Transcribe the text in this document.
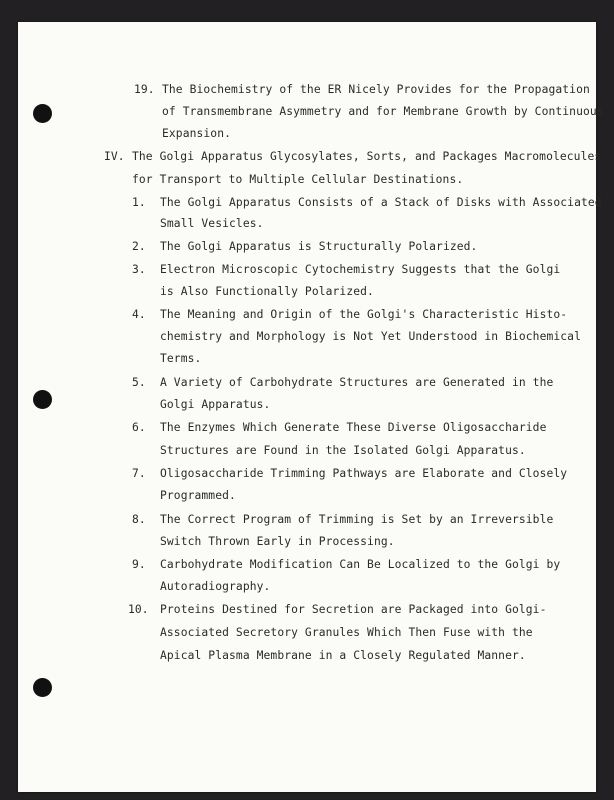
19. The Biochemistry of the ER Nicely Provides for the Propagation
of Transmembrane Asymmetry and for Membrane Growth by Continuous
Expansion.
IV. The Golgi Apparatus Glycosylates, Sorts, and Packages Macromolecules
for Transport to Multiple Cellular Destinations.
1. The Golgi Apparatus Consists of a Stack of Disks with Associated
Small Vesicles.
2. The Golgi Apparatus is Structurally Polarized.
3. Electron Microscopic Cytochemistry Suggests that the Golgi
is Also Functionally Polarized.
4. The Meaning and Origin of the Golgi's Characteristic Histo-
chemistry and Morphology is Not Yet Understood in Biochemical
Terms.
5. A Variety of Carbohydrate Structures are Generated in the
Golgi Apparatus.
6. The Enzymes Which Generate These Diverse Oligosaccharide
Structures are Found in the Isolated Golgi Apparatus.
7. Oligosaccharide Trimming Pathways are Elaborate and Closely
Programmed.
8. The Correct Program of Trimming is Set by an Irreversible
Switch Thrown Early in Processing.
9. Carbohydrate Modification Can Be Localized to the Golgi by
Autoradiography.
10. Proteins Destined for Secretion are Packaged into Golgi-
Associated Secretory Granules Which Then Fuse with the
Apical Plasma Membrane in a Closely Regulated Manner.
